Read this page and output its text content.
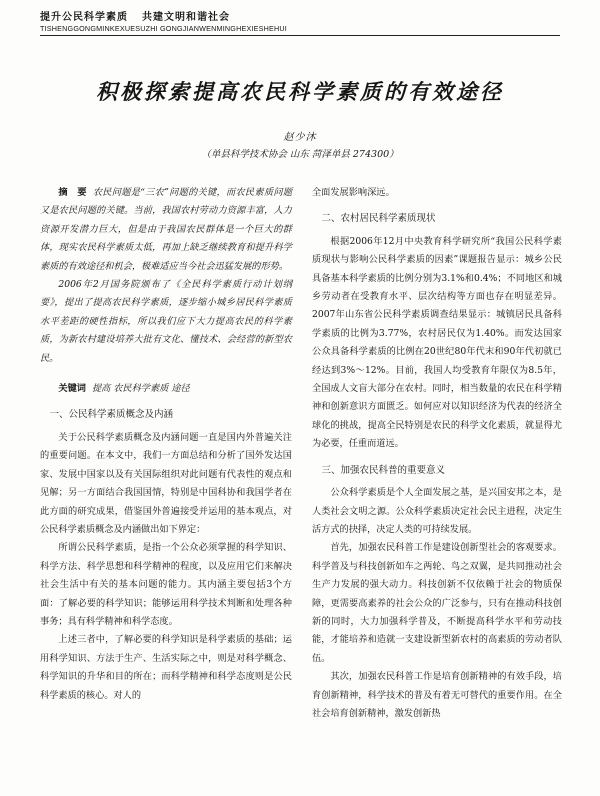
提升公民科学素质 共建文明和谐社会
TISHENGGONGMINKEXUESUZHI GONGJIANWENMINGHEXIESHEHUI
积极探索提高农民科学素质的有效途径
赵少沐
（单县科学技术协会 山东 菏泽单县 274300）

摘　要 农民问题是“三农”问题的关键，而农民素质问题又是农民问题的关键。当前，我国农村劳动力资源丰富，人力资源开发潜力巨大，但是由于我国农民群体是一个巨大的群体，现实农民科学素质太低，再加上缺乏继续教育和提升科学素质的有效途径和机会，极难适应当今社会迅猛发展的形势。

2006年2月国务院颁布了《全民科学素质行动计划纲要》，提出了提高农民科学素质，逐步缩小城乡居民科学素质水平差距的硬性指标，所以我们应下大力提高农民的科学素质，为新农村建设培养大批有文化、懂技术、会经营的新型农民。

关键词 提高 农民科学素质 途径

一、公民科学素质概念及内涵

关于公民科学素质概念及内涵问题一直是国内外普遍关注的重要问题。在本文中，我们一方面总结和分析了国外发达国家、发展中国家以及有关国际组织对此问题有代表性的观点和见解；另一方面结合我国国情，特别是中国科协和我国学者在此方面的研究成果，借鉴国外普遍接受并运用的基本观点，对公民科学素质概念及内涵做出如下界定：

所谓公民科学素质，是指一个公众必须掌握的科学知识、科学方法、科学思想和科学精神的程度，以及应用它们来解决社会生活中有关的基本问题的能力。其内涵主要包括3个方面：了解必要的科学知识；能够运用科学技术判断和处理各种事务；具有科学精神和科学态度。

上述三者中，了解必要的科学知识是科学素质的基础；运用科学知识、方法于生产、生活实际之中，则是对科学概念、科学知识的升华和目的所在；而科学精神和科学态度则是公民科学素质的核心。对人的

全面发展影响深远。

二、农村居民科学素质现状

根据2006年12月中央教育科学研究所“我国公民科学素质现状与影响公民科学素质的因素”课题报告显示：城乡公民具备基本科学素质的比例分别为3.1%和0.4%；不同地区和城乡劳动者在受教育水平、层次结构等方面也存在明显差异。2007年山东省公民科学素质调查结果显示：城镇居民具备科学素质的比例为3.77%，农村居民仅为1.40%。而发达国家公众具备科学素质的比例在20世纪80年代末和90年代初就已经达到3%～12%。目前，我国人均受教育年限仅为8.5年，全国成人文盲大部分在农村。同时，相当数量的农民在科学精神和创新意识方面匮乏。如何应对以知识经济为代表的经济全球化的挑战，提高全民特别是农民的科学文化素质，就显得尤为必要，任重而道远。

三、加强农民科普的重要意义

公众科学素质是个人全面发展之基，是兴国安邦之本，是人类社会文明之源。公众科学素质决定社会民主进程，决定生活方式的抉择，决定人类的可持续发展。

首先，加强农民科普工作是建设创新型社会的客观要求。科学普及与科技创新如车之两轮、鸟之双翼，是共同推动社会生产力发展的强大动力。科技创新不仅依赖于社会的物质保障，更需要高素养的社会公众的广泛参与，只有在推动科技创新的同时，大力加强科学普及，不断提高科学水平和劳动技能，才能培养和造就一支建设新型新农村的高素质的劳动者队伍。

其次，加强农民科普工作是培育创新精神的有效手段，培育创新精神，科学技术的普及有着无可替代的重要作用。在全社会培育创新精神，激发创新热
